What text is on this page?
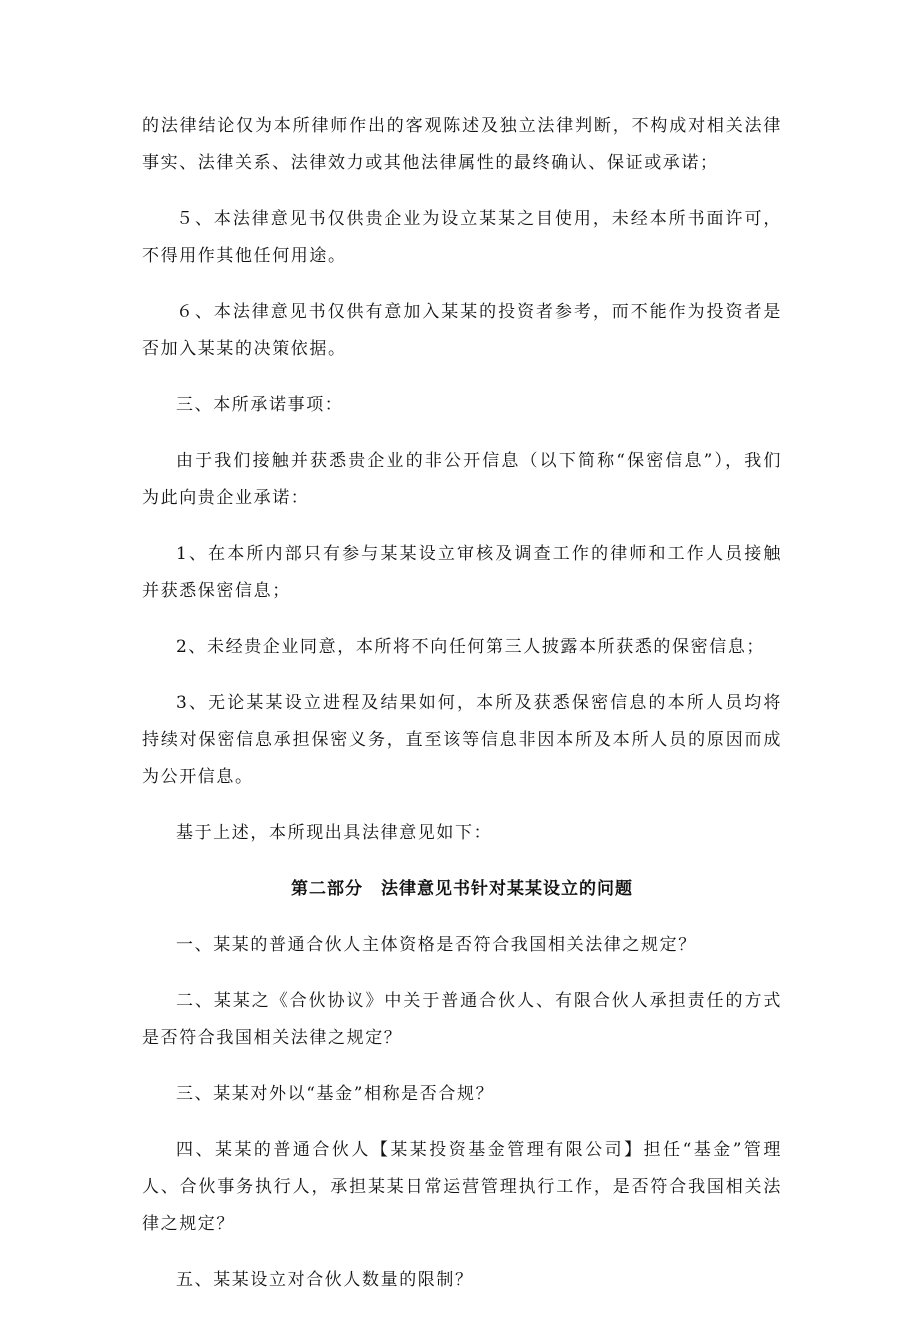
的法律结论仅为本所律师作出的客观陈述及独立法律判断，不构成对相关法律事实、法律关系、法律效力或其他法律属性的最终确认、保证或承诺；

５、本法律意见书仅供贵企业为设立某某之目使用，未经本所书面许可，不得用作其他任何用途。

６、本法律意见书仅供有意加入某某的投资者参考，而不能作为投资者是否加入某某的决策依据。

三、本所承诺事项：

由于我们接触并获悉贵企业的非公开信息（以下简称“保密信息”），我们为此向贵企业承诺：

1、在本所内部只有参与某某设立审核及调查工作的律师和工作人员接触并获悉保密信息；

2、未经贵企业同意，本所将不向任何第三人披露本所获悉的保密信息；

3、无论某某设立进程及结果如何，本所及获悉保密信息的本所人员均将持续对保密信息承担保密义务，直至该等信息非因本所及本所人员的原因而成为公开信息。

基于上述，本所现出具法律意见如下：

第二部分　法律意见书针对某某设立的问题

一、某某的普通合伙人主体资格是否符合我国相关法律之规定？

二、某某之《合伙协议》中关于普通合伙人、有限合伙人承担责任的方式是否符合我国相关法律之规定？

三、某某对外以“基金”相称是否合规？

四、某某的普通合伙人【某某投资基金管理有限公司】担任“基金”管理人、合伙事务执行人，承担某某日常运营管理执行工作，是否符合我国相关法律之规定？

五、某某设立对合伙人数量的限制？
